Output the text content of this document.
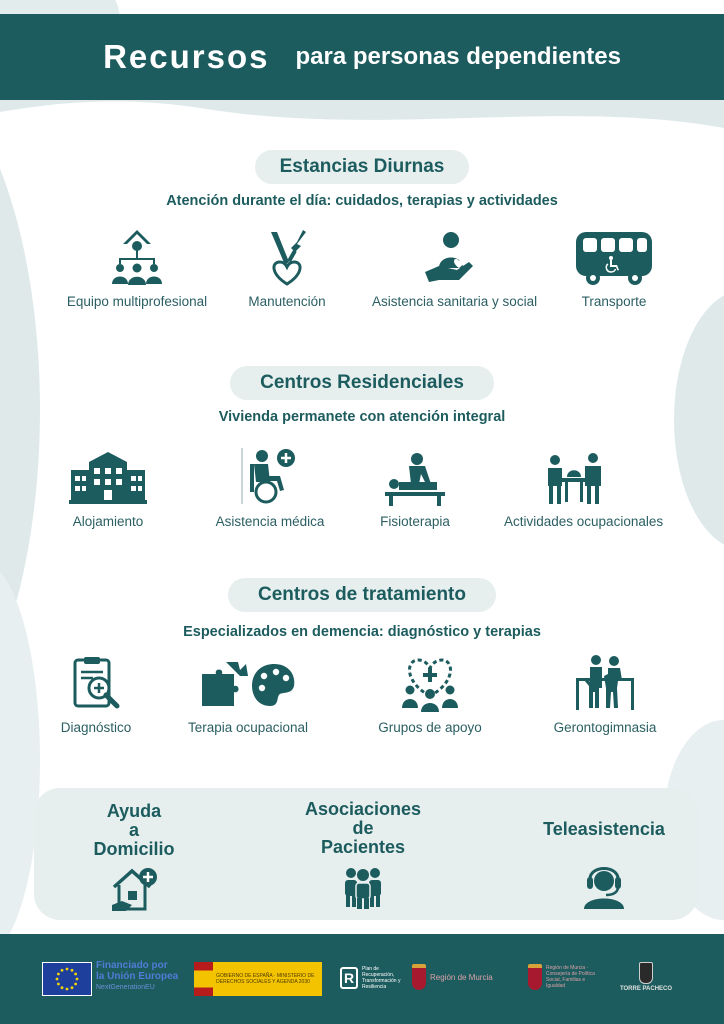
Recursos para personas dependientes
Estancias Diurnas
Atención durante el día: cuidados, terapias y actividades
Equipo multiprofesional	Manutención	Asistencia sanitaria y social	Transporte
Centros Residenciales
Vivienda permanete con atención integral
Alojamiento	Asistencia médica	Fisioterapia	Actividades ocupacionales
Centros de tratamiento
Especializados en demencia: diagnóstico y terapias
Diagnóstico	Terapia ocupacional	Grupos de apoyo	Gerontogimnasia
Ayuda
a
Domicilio
Asociaciones
de
Pacientes
Teleasistencia
Financiado por
la Unión Europea
NextGenerationEU
GOBIERNO DE ESPAÑA · MINISTERIO DE DERECHOS SOCIALES Y AGENDA 2030	R
Plan de Recuperación, Transformación y Resiliencia
Región de Murcia
Región de Murcia · Consejería de Política Social, Familias e Igualdad	TORRE PACHECO
